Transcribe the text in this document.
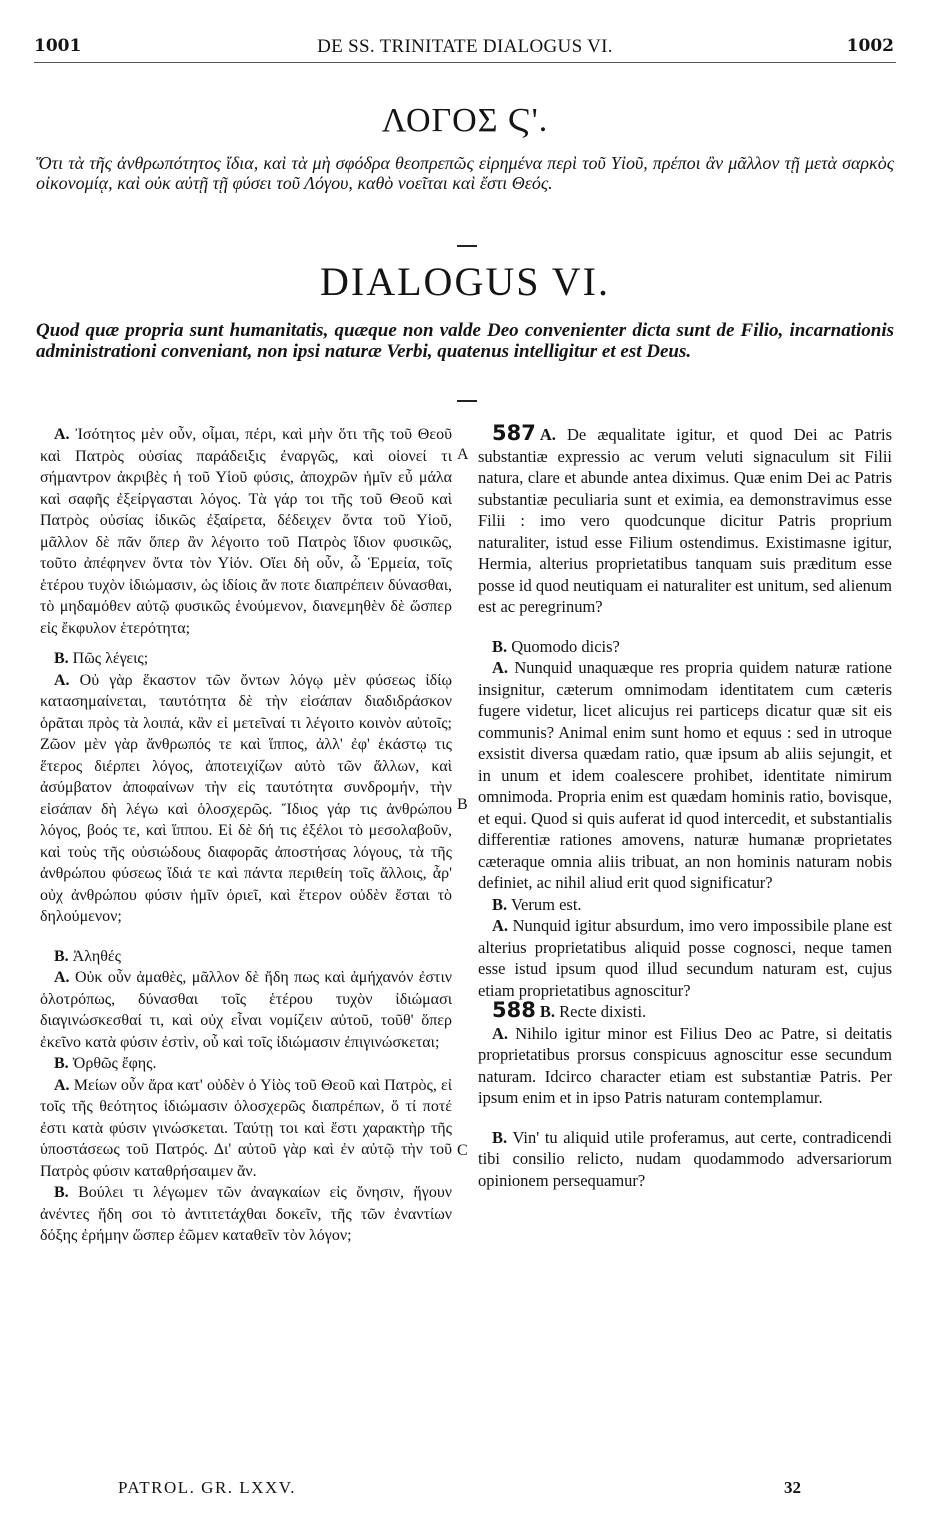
1001	DE SS. TRINITATE DIALOGUS VI.	1002
ΛΟΓΟΣ Ϛ'.
Ὅτι τὰ τῆς ἀνθρωπότητος ἴδια, καὶ τὰ μὴ σφόδρα θεοπρεπῶς εἰρημένα περὶ τοῦ Υἱοῦ, πρέποι ἂν μᾶλλον τῇ μετὰ σαρκὸς οἰκονομίᾳ, καὶ οὐκ αὐτῇ τῇ φύσει τοῦ Λόγου, καθὸ νοεῖται καὶ ἔστι Θεός.
DIALOGUS VI.
Quod quæ propria sunt humanitatis, quæque non valde Deo convenienter dicta sunt de Filio, incarnationis administrationi conveniant, non ipsi naturæ Verbi, quatenus intelligitur et est Deus.

A. Ἰσότητος μὲν οὖν, οἶμαι, πέρι, καὶ μὴν ὅτι τῆς τοῦ Θεοῦ καὶ Πατρὸς οὐσίας παράδειξις ἐναργῶς, καὶ οἱονεί τι σήμαντρον ἀκριβὲς ἡ τοῦ Υἱοῦ φύσις, ἀποχρῶν ἡμῖν εὖ μάλα καὶ σαφῆς ἐξείργασται λόγος. Τὰ γάρ τοι τῆς τοῦ Θεοῦ καὶ Πατρὸς οὐσίας ἰδικῶς ἐξαίρετα, δέδειχεν ὄντα τοῦ Υἱοῦ, μᾶλλον δὲ πᾶν ὅπερ ἂν λέγοιτο τοῦ Πατρὸς ἴδιον φυσικῶς, τοῦτο ἀπέφηνεν ὄντα τὸν Υἱόν. Οἴει δὴ οὖν, ὦ Ἑρμεία, τοῖς ἑτέρου τυχὸν ἰδιώμασιν, ὡς ἰδίοις ἄν ποτε διαπρέπειν δύνασθαι, τὸ μηδαμόθεν αὐτῷ φυσικῶς ἑνούμενον, διανεμηθὲν δὲ ὥσπερ εἰς ἔκφυλον ἑτερότητα;

B. Πῶς λέγεις;

A. Οὐ γὰρ ἕκαστον τῶν ὄντων λόγῳ μὲν φύσεως ἰδίῳ κατασημαίνεται, ταυτότητα δὲ τὴν εἰσάπαν διαδιδράσκον ὁρᾶται πρὸς τὰ λοιπά, κἂν εἰ μετεῖναί τι λέγοιτο κοινὸν αὐτοῖς; Ζῶον μὲν γὰρ ἄνθρωπός τε καὶ ἵππος, ἀλλ' ἐφ' ἑκάστῳ τις ἕτερος διέρπει λόγος, ἀποτειχίζων αὐτὸ τῶν ἄλλων, καὶ ἀσύμβατον ἀποφαίνων τὴν εἰς ταυτότητα συνδρομήν, τὴν εἰσάπαν δὴ λέγω καὶ ὁλοσχερῶς. Ἴδιος γάρ τις ἀνθρώπου λόγος, βοός τε, καὶ ἵππου. Εἰ δὲ δή τις ἐξέλοι τὸ μεσολαβοῦν, καὶ τοὺς τῆς οὐσιώδους διαφορᾶς ἀποστήσας λόγους, τὰ τῆς ἀνθρώπου φύσεως ἴδιά τε καὶ πάντα περιθείη τοῖς ἄλλοις, ἆρ' οὐχ ἀνθρώπου φύσιν ἡμῖν ὁριεῖ, καὶ ἕτερον οὐδὲν ἔσται τὸ δηλούμενον;

B. Ἀληθές

A. Οὐκ οὖν ἀμαθὲς, μᾶλλον δὲ ἤδη πως καὶ ἀμήχανόν ἐστιν ὁλοτρόπως, δύνασθαι τοῖς ἑτέρου τυχὸν ἰδιώμασι διαγινώσκεσθαί τι, καὶ οὐχ εἶναι νομίζειν αὐτοῦ, τοῦθ' ὅπερ ἐκεῖνο κατὰ φύσιν ἐστὶν, οὗ καὶ τοῖς ἰδιώμασιν ἐπιγινώσκεται;

B. Ὀρθῶς ἔφης.

A. Μείων οὖν ἄρα κατ' οὐδὲν ὁ Υἱὸς τοῦ Θεοῦ καὶ Πατρὸς, εἰ τοῖς τῆς θεότητος ἰδιώμασιν ὁλοσχερῶς διαπρέπων, ὅ τί ποτέ ἐστι κατὰ φύσιν γινώσκεται. Ταύτῃ τοι καὶ ἔστι χαρακτὴρ τῆς ὑποστάσεως τοῦ Πατρός. Δι' αὐτοῦ γὰρ καὶ ἐν αὐτῷ τὴν τοῦ Πατρὸς φύσιν καταθρήσαιμεν ἄν.

B. Βούλει τι λέγωμεν τῶν ἀναγκαίων εἰς ὄνησιν, ἤγουν ἀνέντες ἤδη σοι τὸ ἀντιτετάχθαι δοκεῖν, τῆς τῶν ἐναντίων δόξης ἐρήμην ὥσπερ ἐῶμεν καταθεῖν τὸν λόγον;

A
B
C

587 A. De æqualitate igitur, et quod Dei ac Patris substantiæ expressio ac verum veluti signaculum sit Filii natura, clare et abunde antea diximus. Quæ enim Dei ac Patris substantiæ peculiaria sunt et eximia, ea demonstravimus esse Filii : imo vero quodcunque dicitur Patris proprium naturaliter, istud esse Filium ostendimus. Existimasne igitur, Hermia, alterius proprietatibus tanquam suis præditum esse posse id quod neutiquam ei naturaliter est unitum, sed alienum est ac peregrinum?

B. Quomodo dicis?

A. Nunquid unaquæque res propria quidem naturæ ratione insignitur, cæterum omnimodam identitatem cum cæteris fugere videtur, licet alicujus rei particeps dicatur quæ sit eis communis? Animal enim sunt homo et equus : sed in utroque exsistit diversa quædam ratio, quæ ipsum ab aliis sejungit, et in unum et idem coalescere prohibet, identitate nimirum omnimoda. Propria enim est quædam hominis ratio, bovisque, et equi. Quod si quis auferat id quod intercedit, et substantialis differentiæ rationes amovens, naturæ humanæ proprietates cæteraque omnia aliis tribuat, an non hominis naturam nobis definiet, ac nihil aliud erit quod significatur?

B. Verum est.

A. Nunquid igitur absurdum, imo vero impossibile plane est alterius proprietatibus aliquid posse cognosci, neque tamen esse istud ipsum quod illud secundum naturam est, cujus etiam proprietatibus agnoscitur?

588 B. Recte dixisti.

A. Nihilo igitur minor est Filius Deo ac Patre, si deitatis proprietatibus prorsus conspicuus agnoscitur esse secundum naturam. Idcirco character etiam est substantiæ Patris. Per ipsum enim et in ipso Patris naturam contemplamur.

B. Vin' tu aliquid utile proferamus, aut certe, contradicendi tibi consilio relicto, nudam quodammodo adversariorum opinionem persequamur?

PATROL. GR. LXXV.	32
